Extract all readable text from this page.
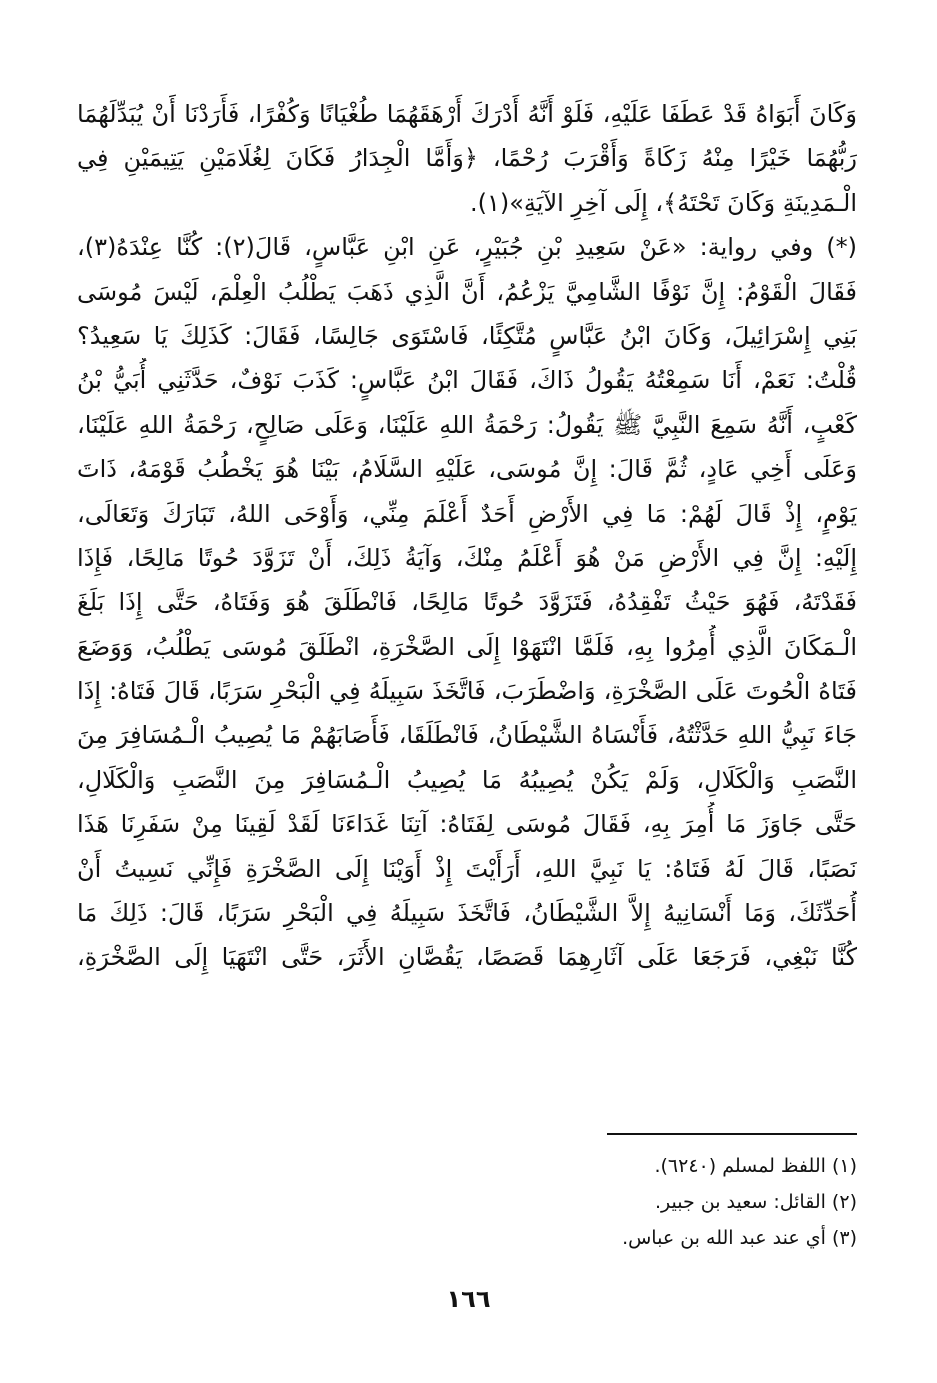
وَكَانَ أَبَوَاهُ قَدْ عَطَفَا عَلَيْهِ، فَلَوْ أَنَّهُ أَدْرَكَ أَرْهَقَهُمَا طُغْيَانًا وَكُفْرًا، فَأَرَدْنَا أَنْ يُبَدِّلَهُمَا
رَبُّهُمَا خَيْرًا مِنْهُ زَكَاةً وَأَقْرَبَ رُحْمًا، ﴿وَأَمَّا الْجِدَارُ فَكَانَ لِغُلَامَيْنِ يَتِيمَيْنِ فِي
الْـمَدِينَةِ وَكَانَ تَحْتَهُ﴾، إِلَى آخِرِ الآيَةِ»(١).
(*) وفي رواية: «عَنْ سَعِيدِ بْنِ جُبَيْرٍ، عَنِ ابْنِ عَبَّاسٍ، قَالَ(٢): كُنَّا عِنْدَهُ(٣)،
فَقَالَ الْقَوْمُ: إِنَّ نَوْفًا الشَّامِيَّ يَزْعُمُ، أَنَّ الَّذِي ذَهَبَ يَطْلُبُ الْعِلْمَ، لَيْسَ مُوسَى
بَنِي إِسْرَائِيلَ، وَكَانَ ابْنُ عَبَّاسٍ مُتَّكِئًا، فَاسْتَوَى جَالِسًا، فَقَالَ: كَذَلِكَ يَا سَعِيدُ؟
قُلْتُ: نَعَمْ، أَنَا سَمِعْتُهُ يَقُولُ ذَاكَ، فَقَالَ ابْنُ عَبَّاسٍ: كَذَبَ نَوْفٌ، حَدَّثَنِي أُبَيُّ بْنُ
كَعْبٍ، أَنَّهُ سَمِعَ النَّبِيَّ ﷺ يَقُولُ: رَحْمَةُ اللهِ عَلَيْنَا، وَعَلَى صَالِحٍ، رَحْمَةُ اللهِ عَلَيْنَا،
وَعَلَى أَخِي عَادٍ، ثُمَّ قَالَ: إِنَّ مُوسَى، عَلَيْهِ السَّلَامُ، بَيْنَا هُوَ يَخْطُبُ قَوْمَهُ، ذَاتَ
يَوْمٍ، إِذْ قَالَ لَهُمْ: مَا فِي الأَرْضِ أَحَدٌ أَعْلَمَ مِنِّي، وَأَوْحَى اللهُ، تَبَارَكَ وَتَعَالَى،
إِلَيْهِ: إِنَّ فِي الأَرْضِ مَنْ هُوَ أَعْلَمُ مِنْكَ، وَآيَةُ ذَلِكَ، أَنْ تَزَوَّدَ حُوتًا مَالِحًا، فَإِذَا
فَقَدْتَهُ، فَهُوَ حَيْثُ تَفْقِدُهُ، فَتَزَوَّدَ حُوتًا مَالِحًا، فَانْطَلَقَ هُوَ وَفَتَاهُ، حَتَّى إِذَا بَلَغَ
الْـمَكَانَ الَّذِي أُمِرُوا بِهِ، فَلَمَّا انْتَهَوْا إِلَى الصَّخْرَةِ، انْطَلَقَ مُوسَى يَطْلُبُ، وَوَضَعَ
فَتَاهُ الْحُوتَ عَلَى الصَّخْرَةِ، وَاضْطَرَبَ، فَاتَّخَذَ سَبِيلَهُ فِي الْبَحْرِ سَرَبًا، قَالَ فَتَاهُ: إِذَا
جَاءَ نَبِيُّ اللهِ حَدَّثْتُهُ، فَأَنْسَاهُ الشَّيْطَانُ، فَانْطَلَقَا، فَأَصَابَهُمْ مَا يُصِيبُ الْـمُسَافِرَ مِنَ
النَّصَبِ وَالْكَلَالِ، وَلَمْ يَكُنْ يُصِيبُهُ مَا يُصِيبُ الْـمُسَافِرَ مِنَ النَّصَبِ وَالْكَلَالِ،
حَتَّى جَاوَزَ مَا أُمِرَ بِهِ، فَقَالَ مُوسَى لِفَتَاهُ: آتِنَا غَدَاءَنَا لَقَدْ لَقِينَا مِنْ سَفَرِنَا هَذَا
نَصَبًا، قَالَ لَهُ فَتَاهُ: يَا نَبِيَّ اللهِ، أَرَأَيْتَ إِذْ أَوَيْنَا إِلَى الصَّخْرَةِ فَإِنِّي نَسِيتُ أَنْ
أُحَدِّثَكَ، وَمَا أَنْسَانِيهُ إِلاَّ الشَّيْطَانُ، فَاتَّخَذَ سَبِيلَهُ فِي الْبَحْرِ سَرَبًا، قَالَ: ذَلِكَ مَا
كُنَّا نَبْغِي، فَرَجَعَا عَلَى آثَارِهِمَا قَصَصًا، يَقُصَّانِ الأَثَرَ، حَتَّى انْتَهَيَا إِلَى الصَّخْرَةِ،
(١) اللفظ لمسلم (٦٢٤٠).
(٢) القائل: سعيد بن جبير.
(٣) أي عند عبد الله بن عباس.
١٦٦
